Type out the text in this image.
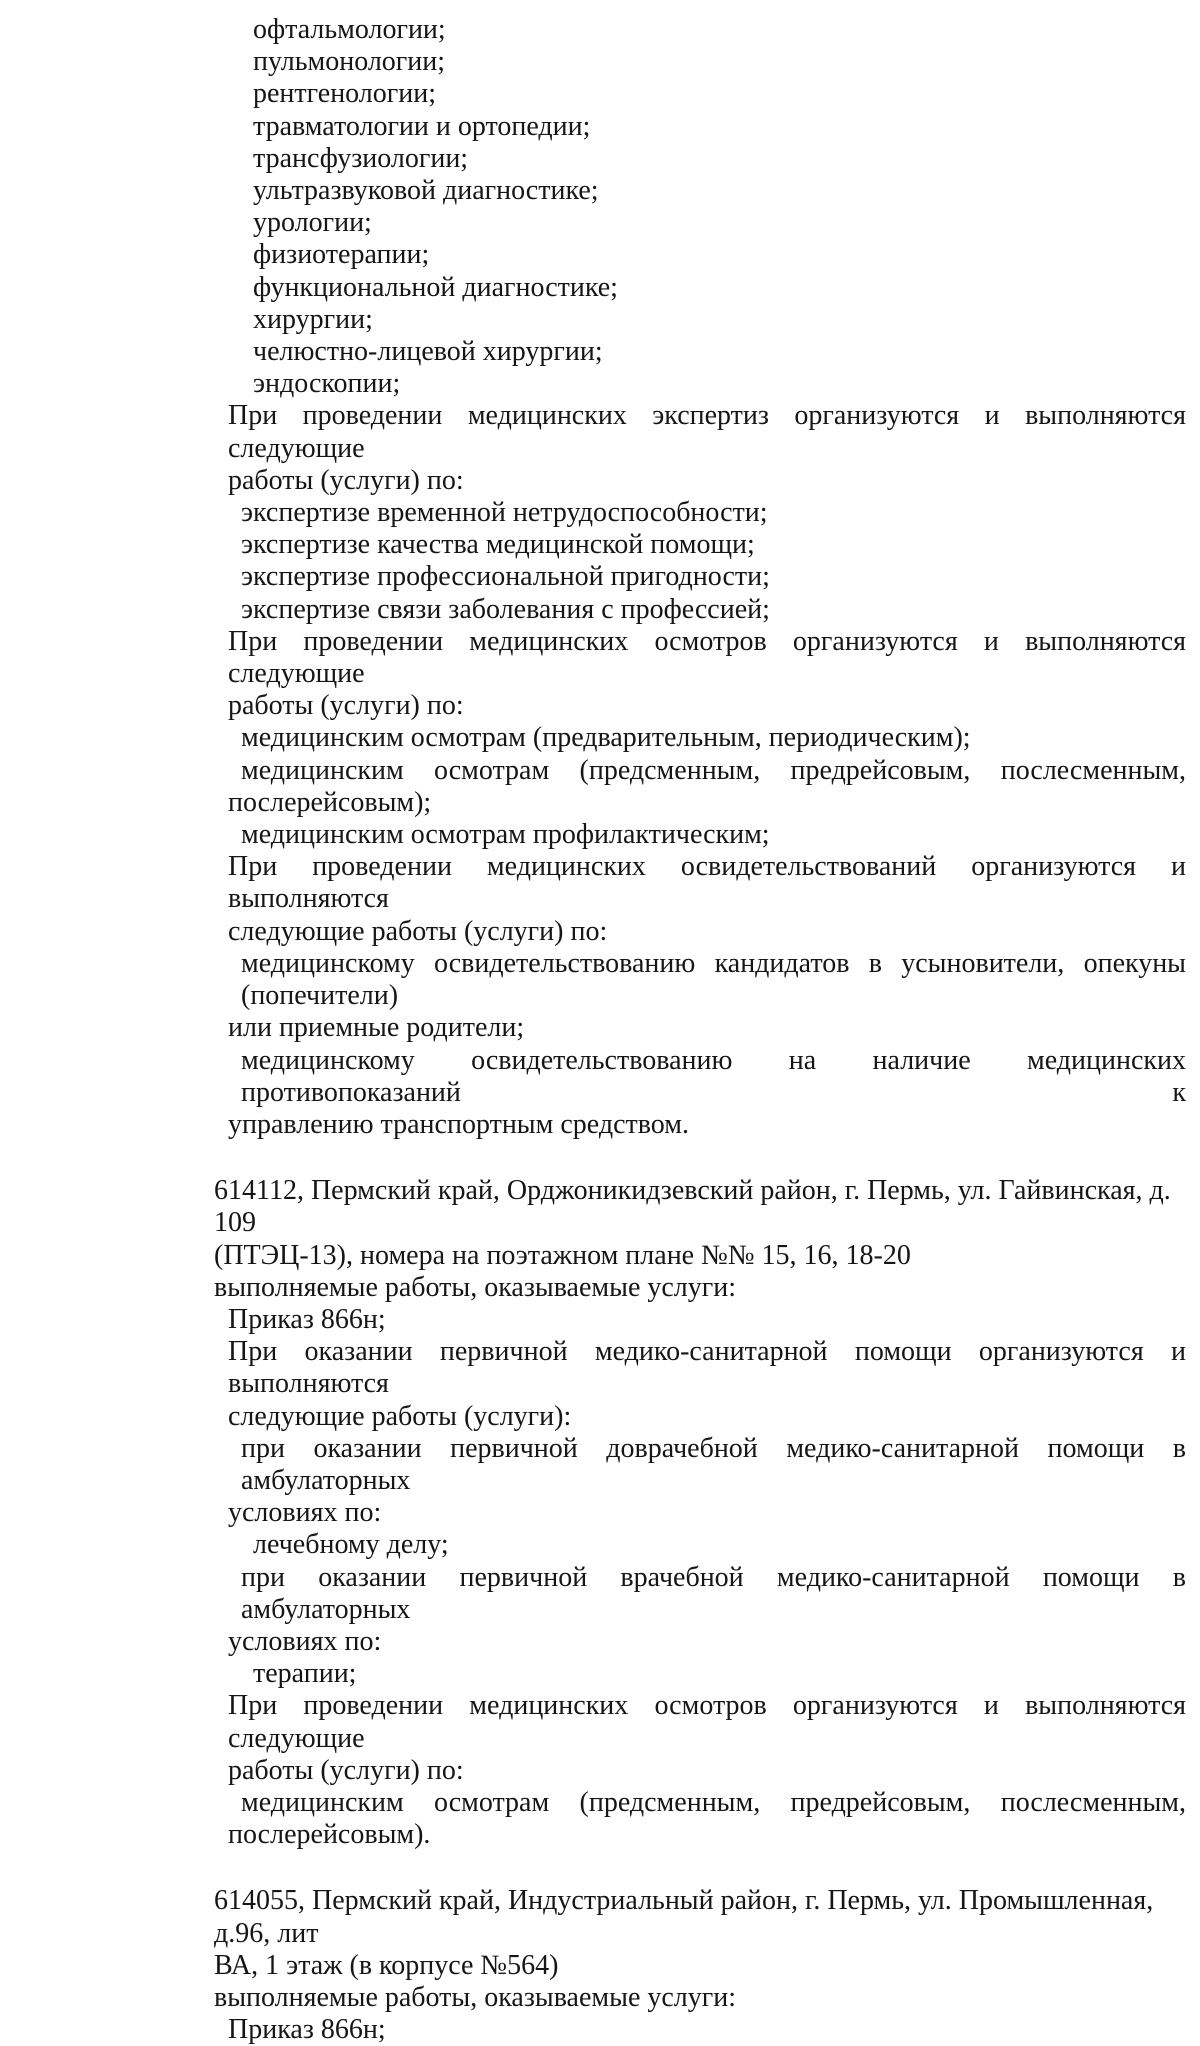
офтальмологии;
пульмонологии;
рентгенологии;
травматологии и ортопедии;
трансфузиологии;
ультразвуковой диагностике;
урологии;
физиотерапии;
функциональной диагностике;
хирургии;
челюстно-лицевой хирургии;
эндоскопии;
При проведении медицинских экспертиз организуются и выполняются следующие
работы (услуги) по:
экспертизе временной нетрудоспособности;
экспертизе качества медицинской помощи;
экспертизе профессиональной пригодности;
экспертизе связи заболевания с профессией;
При проведении медицинских осмотров организуются и выполняются следующие
работы (услуги) по:
медицинским осмотрам (предварительным, периодическим);
медицинским осмотрам (предсменным, предрейсовым, послесменным,
послерейсовым);
медицинским осмотрам профилактическим;
При проведении медицинских освидетельствований организуются и выполняются
следующие работы (услуги) по:
медицинскому освидетельствованию кандидатов в усыновители, опекуны (попечители)
или приемные родители;
медицинскому освидетельствованию на наличие медицинских противопоказаний к
управлению транспортным средством.
614112, Пермский край, Орджоникидзевский район, г. Пермь, ул. Гайвинская, д. 109
(ПТЭЦ-13), номера на поэтажном плане №№ 15, 16, 18-20
выполняемые работы, оказываемые услуги:
Приказ 866н;
При оказании первичной медико-санитарной помощи организуются и выполняются
следующие работы (услуги):
при оказании первичной доврачебной медико-санитарной помощи в амбулаторных
условиях по:
лечебному делу;
при оказании первичной врачебной медико-санитарной помощи в амбулаторных
условиях по:
терапии;
При проведении медицинских осмотров организуются и выполняются следующие
работы (услуги) по:
медицинским осмотрам (предсменным, предрейсовым, послесменным,
послерейсовым).
614055, Пермский край, Индустриальный район, г. Пермь, ул. Промышленная, д.96, лит
ВА, 1 этаж (в корпусе №564)
выполняемые работы, оказываемые услуги:
Приказ 866н;
